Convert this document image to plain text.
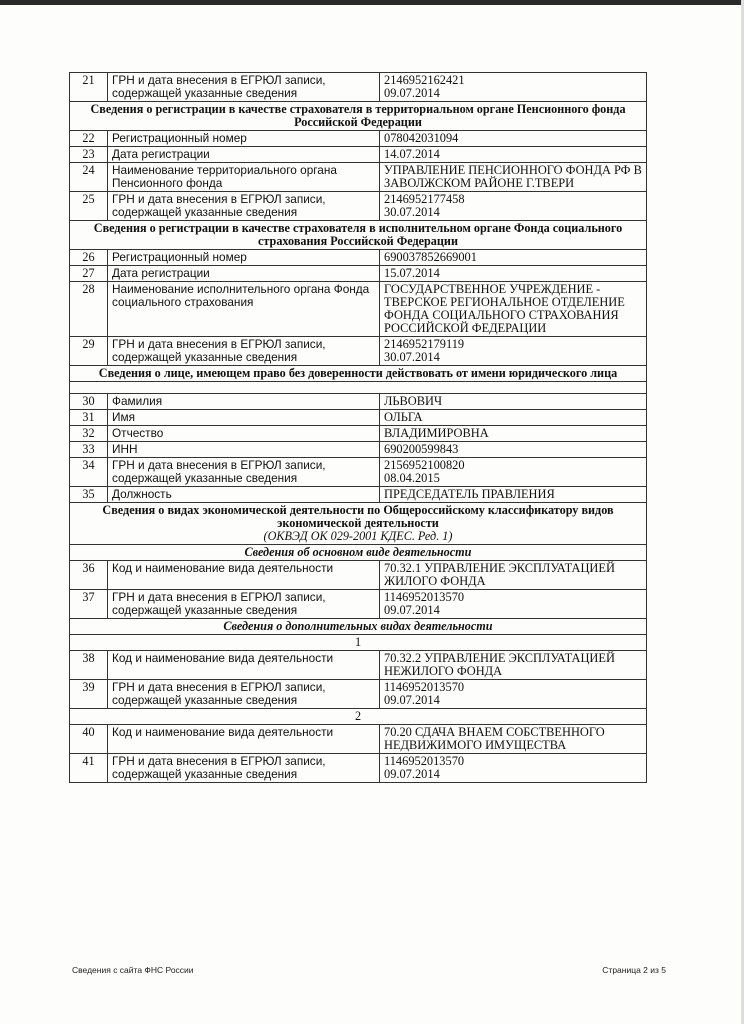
21	ГРН и дата внесения в ЕГРЮЛ записи, содержащей указанные сведения	2146952162421
09.07.2014

Сведения о регистрации в качестве страхователя в территориальном органе Пенсионного фонда Российской Федерации		
22	Регистрационный номер	078042031094
23	Дата регистрации	14.07.2014
24	Наименование территориального органа Пенсионного фонда	УПРАВЛЕНИЕ ПЕНСИОННОГО ФОНДА РФ В ЗАВОЛЖСКОМ РАЙОНЕ Г.ТВЕРИ
25	ГРН и дата внесения в ЕГРЮЛ записи, содержащей указанные сведения	2146952177458
30.07.2014

Сведения о регистрации в качестве страхователя в исполнительном органе Фонда социального страхования Российской Федерации		
26	Регистрационный номер	690037852669001
27	Дата регистрации	15.07.2014
28	Наименование исполнительного органа Фонда социального страхования	ГОСУДАРСТВЕННОЕ УЧРЕЖДЕНИЕ - ТВЕРСКОЕ РЕГИОНАЛЬНОЕ ОТДЕЛЕНИЕ ФОНДА СОЦИАЛЬНОГО СТРАХОВАНИЯ РОССИЙСКОЙ ФЕДЕРАЦИИ
29	ГРН и дата внесения в ЕГРЮЛ записи, содержащей указанные сведения	2146952179119
30.07.2014

Сведения о лице, имеющем право без доверенности действовать от имени юридического лица		

30	Фамилия	ЛЬВОВИЧ
31	Имя	ОЛЬГА
32	Отчество	ВЛАДИМИРОВНА
33	ИНН	690200599843
34	ГРН и дата внесения в ЕГРЮЛ записи, содержащей указанные сведения	2156952100820
08.04.2015

35	Должность	ПРЕДСЕДАТЕЛЬ ПРАВЛЕНИЯ
Сведения о видах экономической деятельности по Общероссийскому классификатору видов экономической деятельности
(ОКВЭД ОК 029-2001 КДЕС. Ред. 1)		

Сведения об основном виде деятельности		
36	Код и наименование вида деятельности	70.32.1 УПРАВЛЕНИЕ ЭКСПЛУАТАЦИЕЙ ЖИЛОГО ФОНДА
37	ГРН и дата внесения в ЕГРЮЛ записи, содержащей указанные сведения	1146952013570
09.07.2014

Сведения о дополнительных видах деятельности		
1		
38	Код и наименование вида деятельности	70.32.2 УПРАВЛЕНИЕ ЭКСПЛУАТАЦИЕЙ НЕЖИЛОГО ФОНДА
39	ГРН и дата внесения в ЕГРЮЛ записи, содержащей указанные сведения	1146952013570
09.07.2014

2		
40	Код и наименование вида деятельности	70.20 СДАЧА ВНАЕМ СОБСТВЕННОГО НЕДВИЖИМОГО ИМУЩЕСТВА
41	ГРН и дата внесения в ЕГРЮЛ записи, содержащей указанные сведения	1146952013570
09.07.2014
Сведения с сайта ФНС России	Страница 2 из 5
